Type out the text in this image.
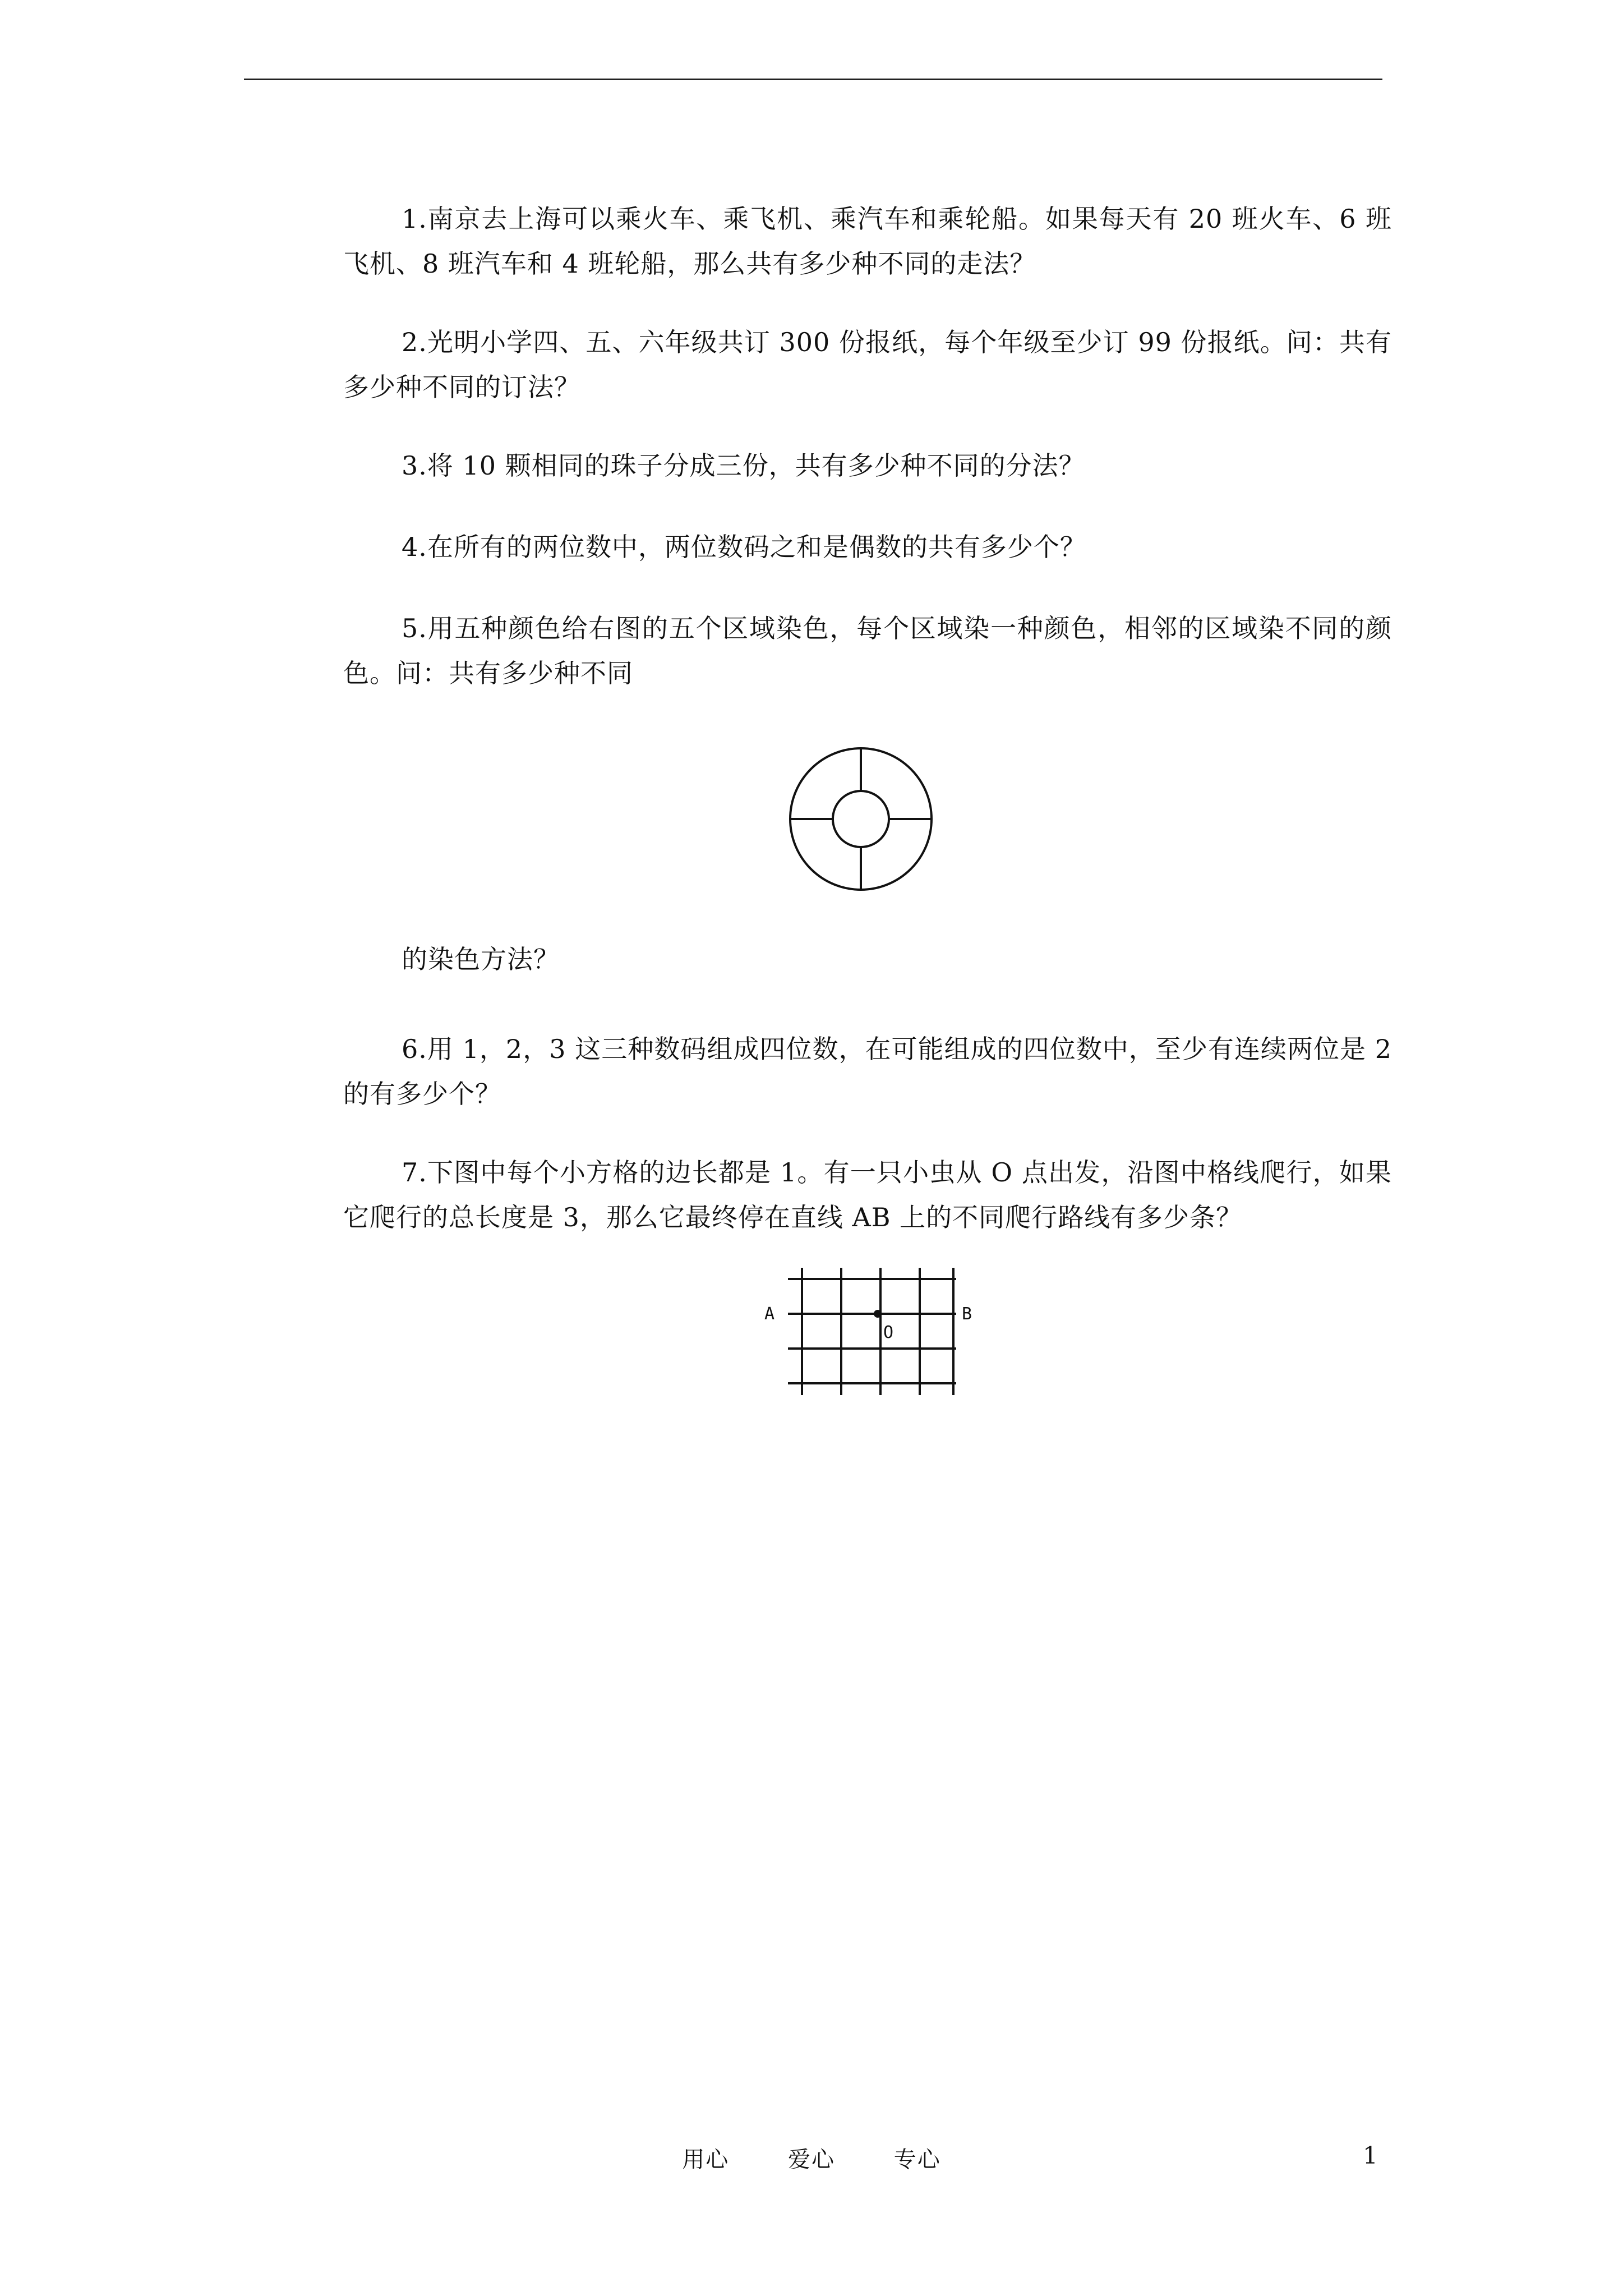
1.南京去上海可以乘火车、乘飞机、乘汽车和乘轮船。如果每天有 20 班火车、6 班飞机、8 班汽车和 4 班轮船，那么共有多少种不同的走法？

2.光明小学四、五、六年级共订 300 份报纸，每个年级至少订 99 份报纸。问：共有多少种不同的订法？

3.将 10 颗相同的珠子分成三份，共有多少种不同的分法？

4.在所有的两位数中，两位数码之和是偶数的共有多少个？

5.用五种颜色给右图的五个区域染色，每个区域染一种颜色，相邻的区域染不同的颜色。问：共有多少种不同

的染色方法？

6.用 1，2，3 这三种数码组成四位数，在可能组成的四位数中，至少有连续两位是 2 的有多少个？

7.下图中每个小方格的边长都是 1。有一只小虫从 O 点出发，沿图中格线爬行，如果它爬行的总长度是 3，那么它最终停在直线 AB 上的不同爬行路线有多少条？

A	B
O
用心 爱心 专心	1
